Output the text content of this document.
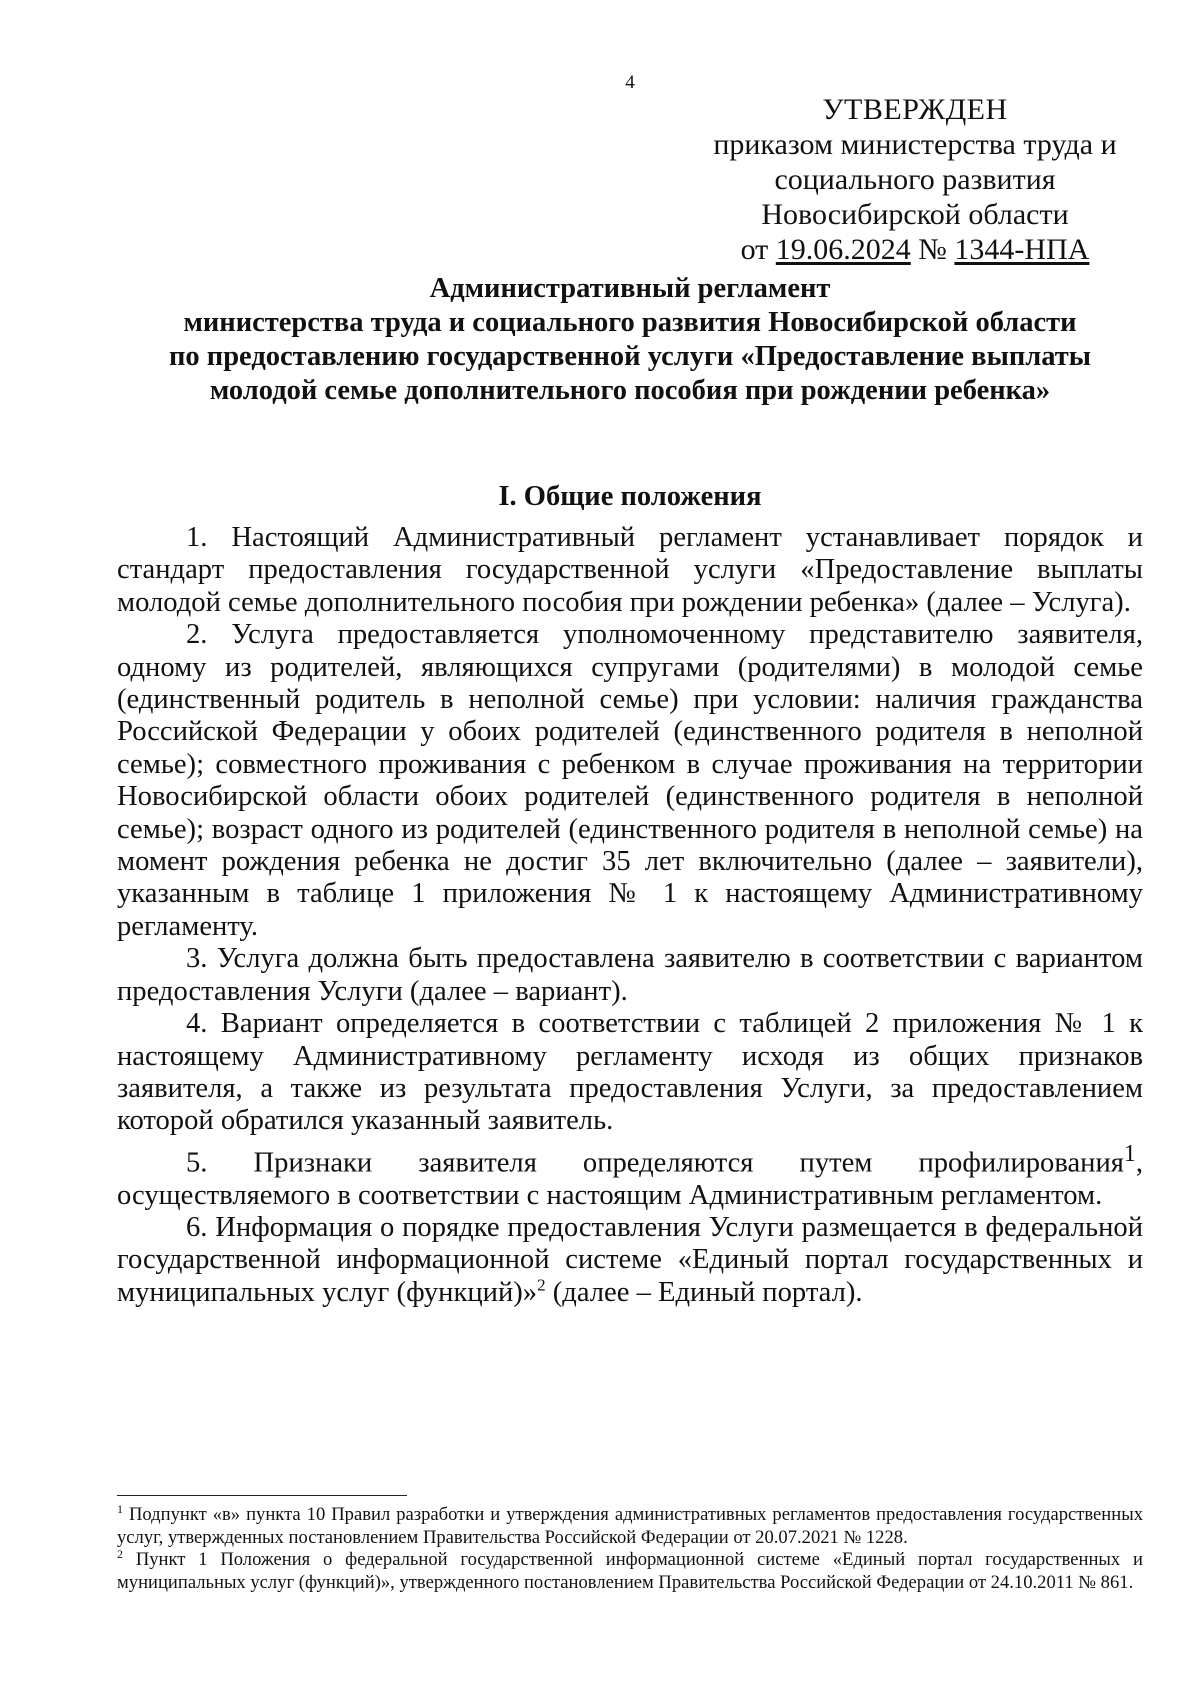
4
УТВЕРЖДЕН
приказом министерства труда и
социального развития
Новосибирской области
от 19.06.2024 № 1344-НПА
Административный регламент
министерства труда и социального развития Новосибирской области
по предоставлению государственной услуги «Предоставление выплаты
молодой семье дополнительного пособия при рождении ребенка»
I. Общие положения

1. Настоящий Административный регламент устанавливает порядок и стандарт предоставления государственной услуги «Предоставление выплаты молодой семье дополнительного пособия при рождении ребенка» (далее – Услуга).

2. Услуга предоставляется уполномоченному представителю заявителя, одному из родителей, являющихся супругами (родителями) в молодой семье (единственный родитель в неполной семье) при условии: наличия гражданства Российской Федерации у обоих родителей (единственного родителя в неполной семье); совместного проживания с ребенком в случае проживания на территории Новосибирской области обоих родителей (единственного родителя в неполной семье); возраст одного из родителей (единственного родителя в неполной семье) на момент рождения ребенка не достиг 35 лет включительно (далее – заявители), указанным в таблице 1 приложения № 1 к настоящему Административному регламенту.

3. Услуга должна быть предоставлена заявителю в соответствии с вариантом предоставления Услуги (далее – вариант).

4. Вариант определяется в соответствии с таблицей 2 приложения № 1 к настоящему Административному регламенту исходя из общих признаков заявителя, а также из результата предоставления Услуги, за предоставлением которой обратился указанный заявитель.

5. Признаки заявителя определяются путем профилирования$^1$,
осуществляемого в соответствии с настоящим Административным регламентом.

6. Информация о порядке предоставления Услуги размещается в федеральной государственной информационной системе «Единый портал государственных и муниципальных услуг (функций)»$^2$ (далее – Единый портал).

$^1$ Подпункт «в» пункта 10 Правил разработки и утверждения административных регламентов предоставления государственных услуг, утвержденных постановлением Правительства Российской Федерации от 20.07.2021 № 1228.

$^2$ Пункт 1 Положения о федеральной государственной информационной системе «Единый портал государственных и муниципальных услуг (функций)», утвержденного постановлением Правительства Российской Федерации от 24.10.2011 № 861.
